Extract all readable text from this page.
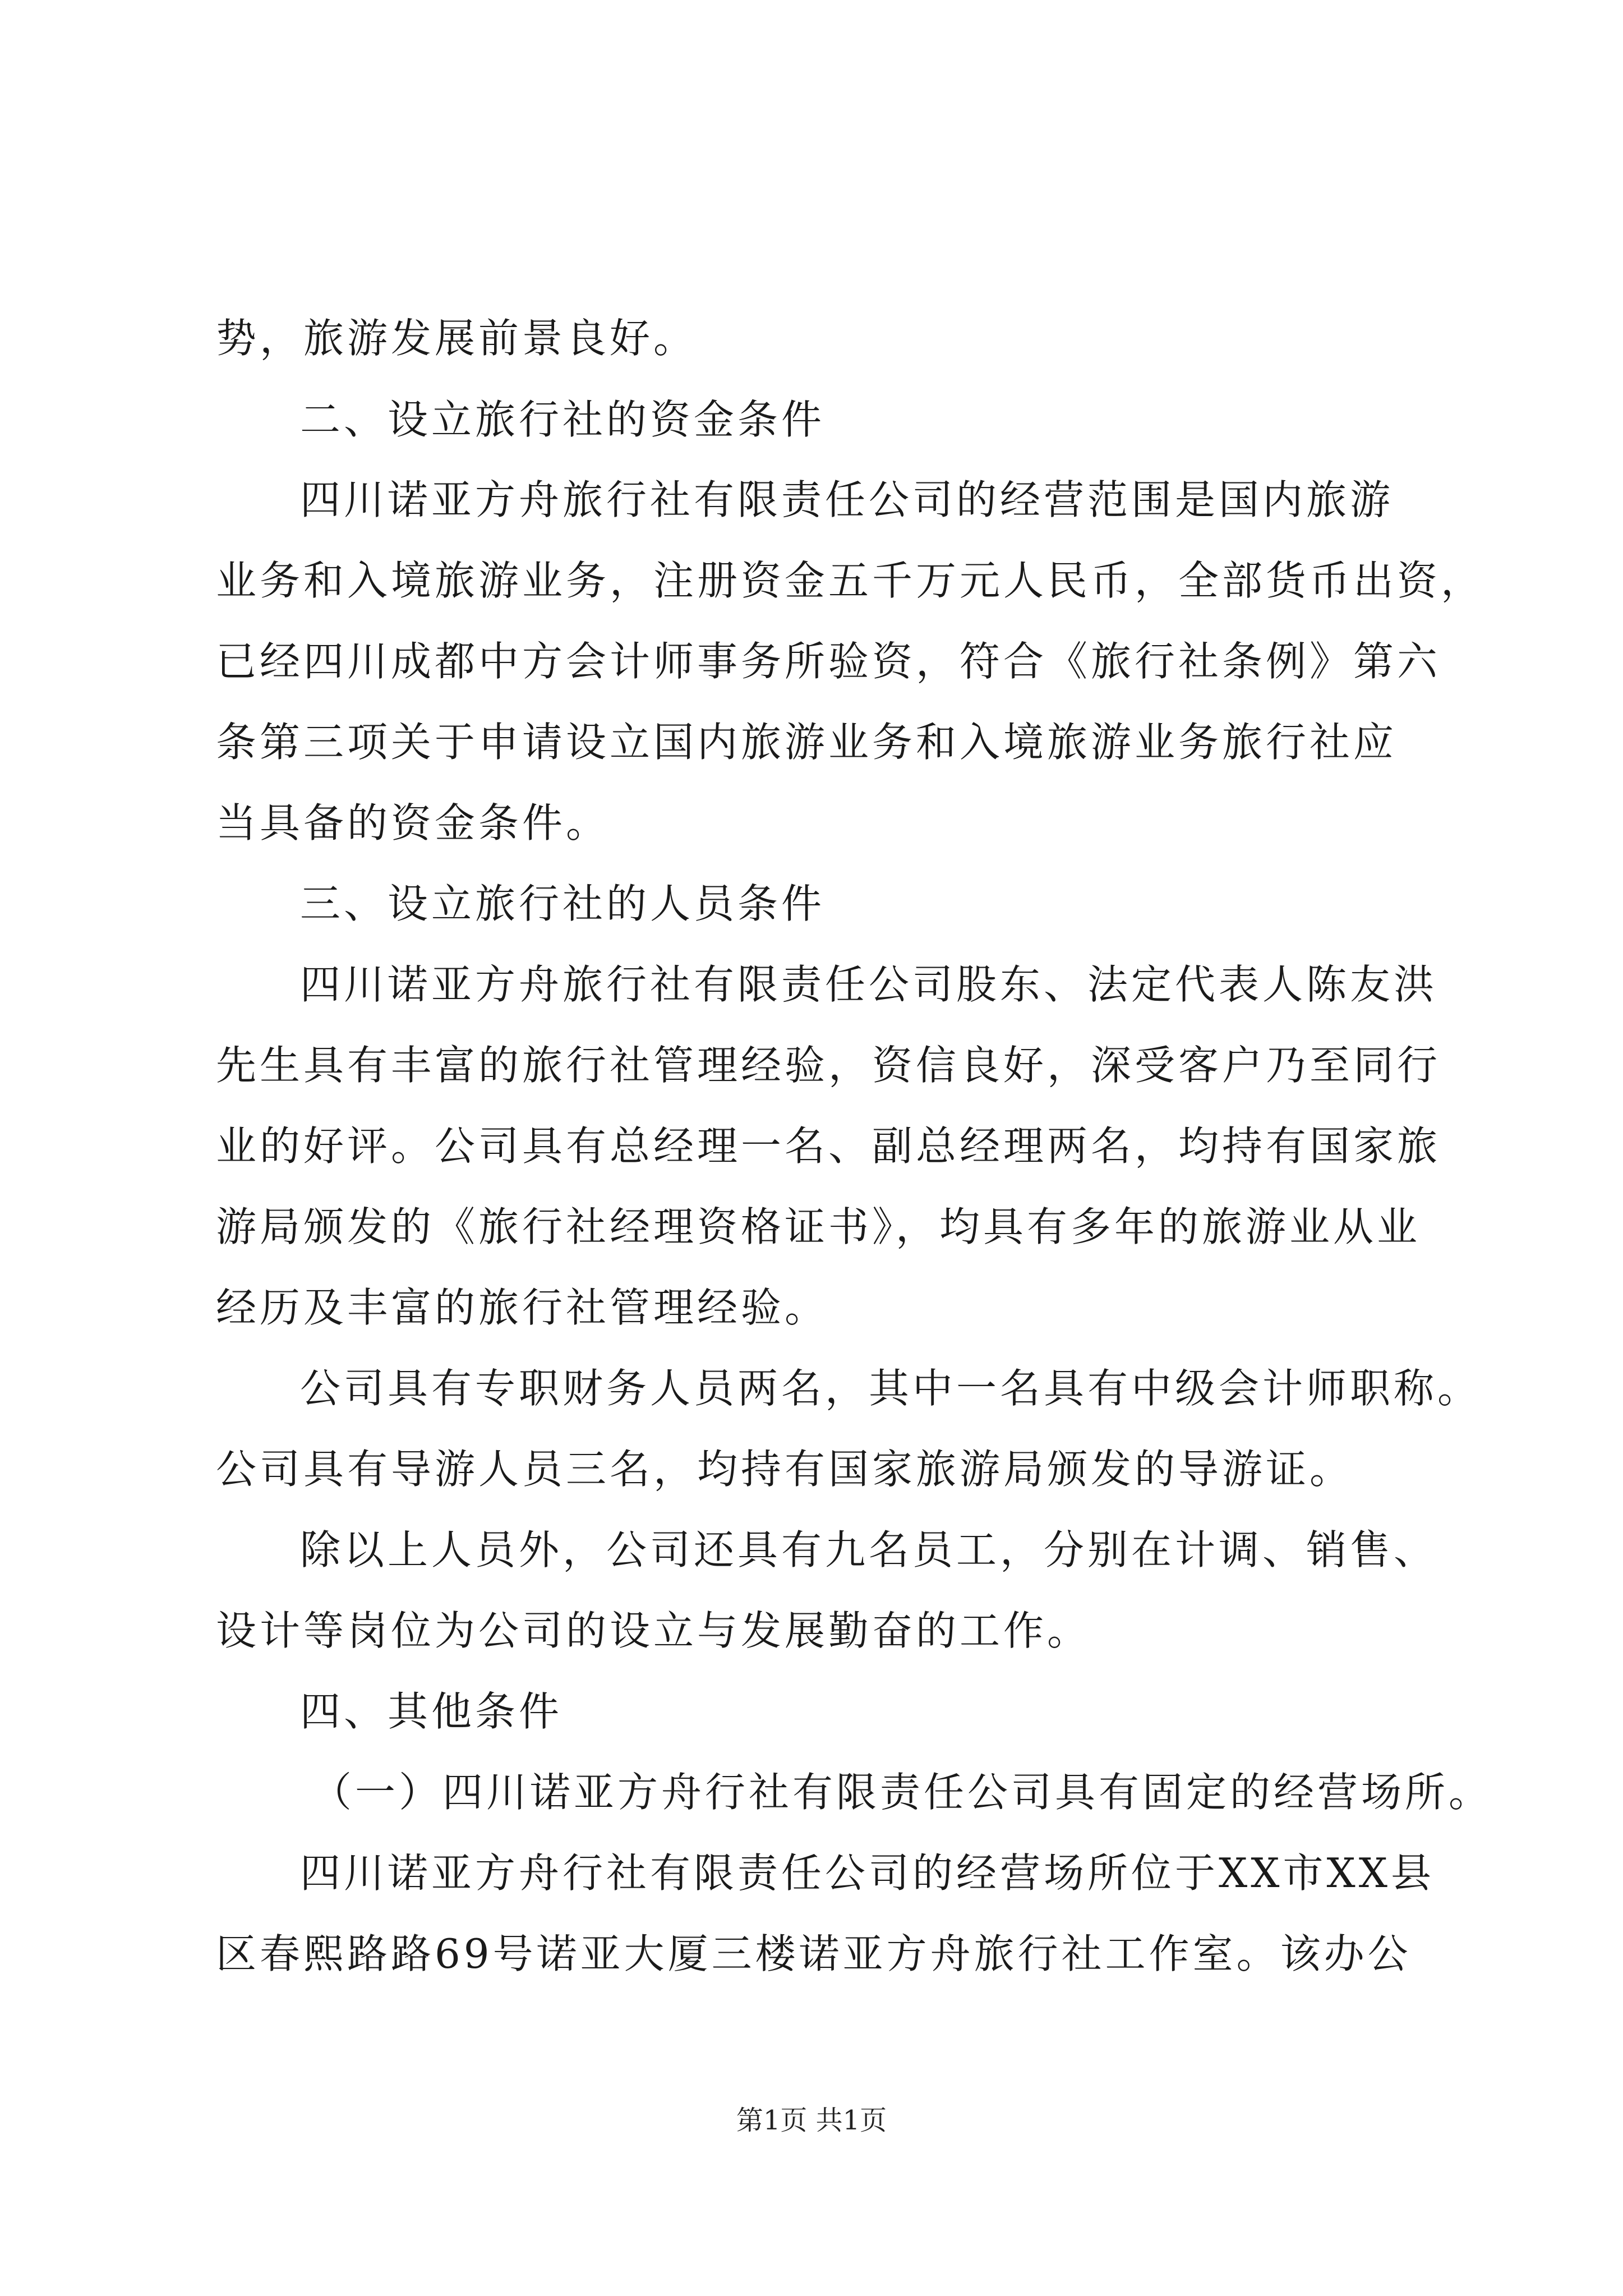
势，旅游发展前景良好。
二、设立旅行社的资金条件
四川诺亚方舟旅行社有限责任公司的经营范围是国内旅游
业务和入境旅游业务，注册资金五千万元人民币，全部货币出资，
已经四川成都中方会计师事务所验资，符合《旅行社条例》第六
条第三项关于申请设立国内旅游业务和入境旅游业务旅行社应
当具备的资金条件。
三、设立旅行社的人员条件
四川诺亚方舟旅行社有限责任公司股东、法定代表人陈友洪
先生具有丰富的旅行社管理经验，资信良好，深受客户乃至同行
业的好评。公司具有总经理一名、副总经理两名，均持有国家旅
游局颁发的《旅行社经理资格证书》，均具有多年的旅游业从业
经历及丰富的旅行社管理经验。
公司具有专职财务人员两名，其中一名具有中级会计师职称。
公司具有导游人员三名，均持有国家旅游局颁发的导游证。
除以上人员外，公司还具有九名员工，分别在计调、销售、
设计等岗位为公司的设立与发展勤奋的工作。
四、其他条件
（一）四川诺亚方舟行社有限责任公司具有固定的经营场所。
四川诺亚方舟行社有限责任公司的经营场所位于XX市XX县
区春熙路路69号诺亚大厦三楼诺亚方舟旅行社工作室。该办公
第1页 共1页
